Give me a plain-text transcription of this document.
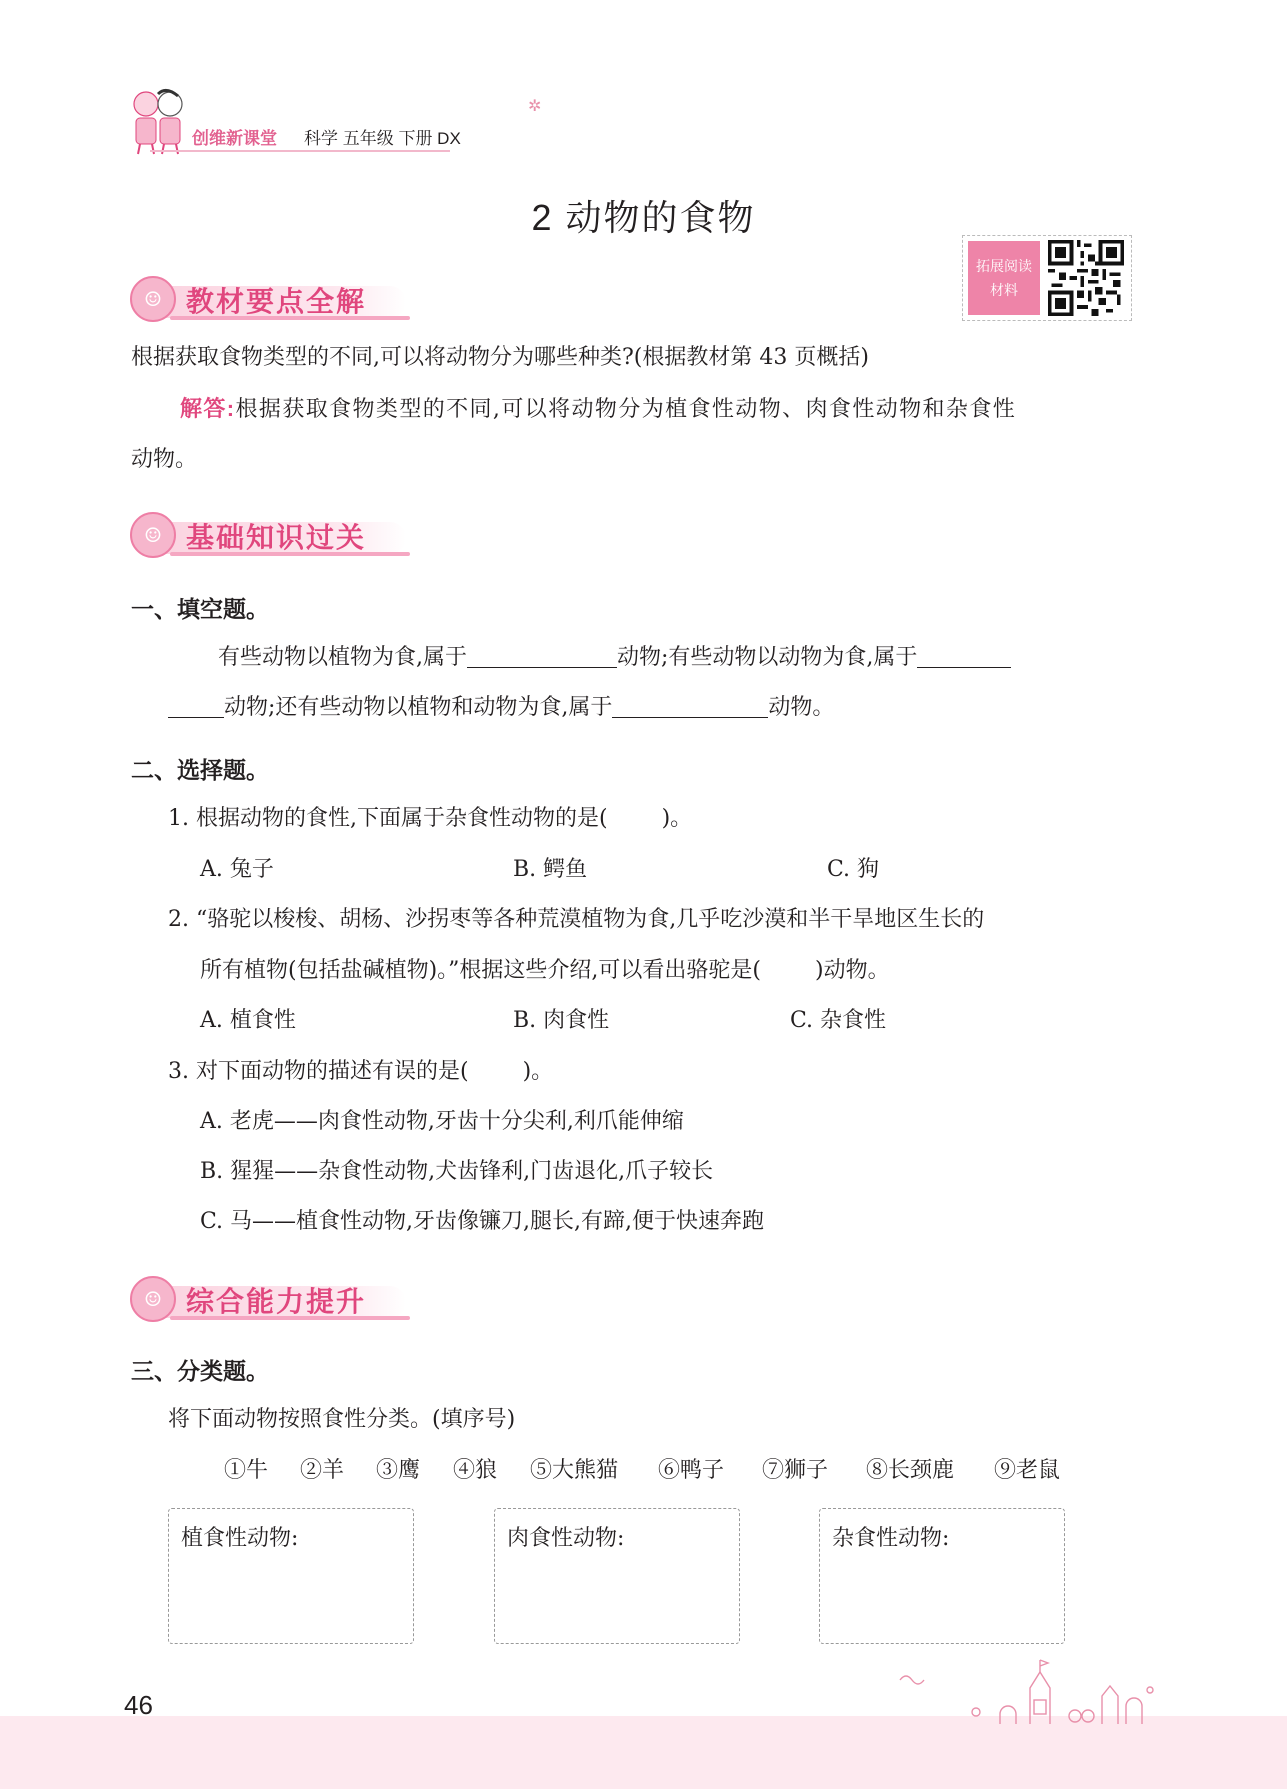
创维新课堂 科学 五年级 下册 DX
✲
2 动物的食物
拓展阅读
材料
☺ 教材要点全解
根据获取食物类型的不同,可以将动物分为哪些种类?(根据教材第 43 页概括)
解答:根据获取食物类型的不同,可以将动物分为植食性动物、肉食性动物和杂食性
动物。
☺ 基础知识过关
一、填空题。
有些动物以植物为食,属于	动物;有些动物以动物为食,属于
动物;还有些动物以植物和动物为食,属于	动物。
二、选择题。
1. 根据动物的食性,下面属于杂食性动物的是( )。
A. 兔子	B. 鳄鱼	C. 狗
2. “骆驼以梭梭、胡杨、沙拐枣等各种荒漠植物为食,几乎吃沙漠和半干旱地区生长的
所有植物(包括盐碱植物)。”根据这些介绍,可以看出骆驼是( )动物。
A. 植食性	B. 肉食性	C. 杂食性
3. 对下面动物的描述有误的是( )。
A. 老虎——肉食性动物,牙齿十分尖利,利爪能伸缩
B. 猩猩——杂食性动物,犬齿锋利,门齿退化,爪子较长
C. 马——植食性动物,牙齿像镰刀,腿长,有蹄,便于快速奔跑
☺ 综合能力提升
三、分类题。
将下面动物按照食性分类。(填序号)
①牛 ②羊 ③鹰 ④狼 ⑤大熊猫 ⑥鸭子 ⑦狮子 ⑧长颈鹿 ⑨老鼠
植食性动物:	肉食性动物:	杂食性动物:
46
